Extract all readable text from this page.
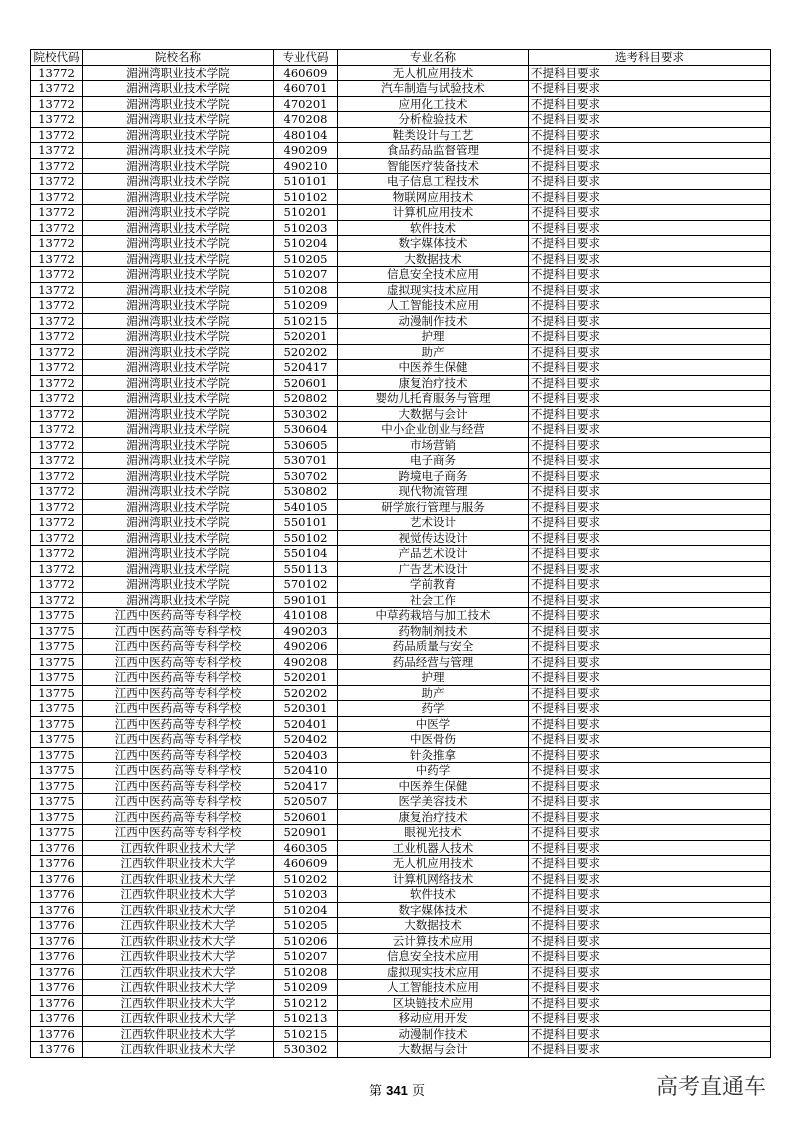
院校代码	院校名称	专业代码	专业名称	选考科目要求
13772	湄洲湾职业技术学院	460609	无人机应用技术	不提科目要求
13772	湄洲湾职业技术学院	460701	汽车制造与试验技术	不提科目要求
13772	湄洲湾职业技术学院	470201	应用化工技术	不提科目要求
13772	湄洲湾职业技术学院	470208	分析检验技术	不提科目要求
13772	湄洲湾职业技术学院	480104	鞋类设计与工艺	不提科目要求
13772	湄洲湾职业技术学院	490209	食品药品监督管理	不提科目要求
13772	湄洲湾职业技术学院	490210	智能医疗装备技术	不提科目要求
13772	湄洲湾职业技术学院	510101	电子信息工程技术	不提科目要求
13772	湄洲湾职业技术学院	510102	物联网应用技术	不提科目要求
13772	湄洲湾职业技术学院	510201	计算机应用技术	不提科目要求
13772	湄洲湾职业技术学院	510203	软件技术	不提科目要求
13772	湄洲湾职业技术学院	510204	数字媒体技术	不提科目要求
13772	湄洲湾职业技术学院	510205	大数据技术	不提科目要求
13772	湄洲湾职业技术学院	510207	信息安全技术应用	不提科目要求
13772	湄洲湾职业技术学院	510208	虚拟现实技术应用	不提科目要求
13772	湄洲湾职业技术学院	510209	人工智能技术应用	不提科目要求
13772	湄洲湾职业技术学院	510215	动漫制作技术	不提科目要求
13772	湄洲湾职业技术学院	520201	护理	不提科目要求
13772	湄洲湾职业技术学院	520202	助产	不提科目要求
13772	湄洲湾职业技术学院	520417	中医养生保健	不提科目要求
13772	湄洲湾职业技术学院	520601	康复治疗技术	不提科目要求
13772	湄洲湾职业技术学院	520802	婴幼儿托育服务与管理	不提科目要求
13772	湄洲湾职业技术学院	530302	大数据与会计	不提科目要求
13772	湄洲湾职业技术学院	530604	中小企业创业与经营	不提科目要求
13772	湄洲湾职业技术学院	530605	市场营销	不提科目要求
13772	湄洲湾职业技术学院	530701	电子商务	不提科目要求
13772	湄洲湾职业技术学院	530702	跨境电子商务	不提科目要求
13772	湄洲湾职业技术学院	530802	现代物流管理	不提科目要求
13772	湄洲湾职业技术学院	540105	研学旅行管理与服务	不提科目要求
13772	湄洲湾职业技术学院	550101	艺术设计	不提科目要求
13772	湄洲湾职业技术学院	550102	视觉传达设计	不提科目要求
13772	湄洲湾职业技术学院	550104	产品艺术设计	不提科目要求
13772	湄洲湾职业技术学院	550113	广告艺术设计	不提科目要求
13772	湄洲湾职业技术学院	570102	学前教育	不提科目要求
13772	湄洲湾职业技术学院	590101	社会工作	不提科目要求
13775	江西中医药高等专科学校	410108	中草药栽培与加工技术	不提科目要求
13775	江西中医药高等专科学校	490203	药物制剂技术	不提科目要求
13775	江西中医药高等专科学校	490206	药品质量与安全	不提科目要求
13775	江西中医药高等专科学校	490208	药品经营与管理	不提科目要求
13775	江西中医药高等专科学校	520201	护理	不提科目要求
13775	江西中医药高等专科学校	520202	助产	不提科目要求
13775	江西中医药高等专科学校	520301	药学	不提科目要求
13775	江西中医药高等专科学校	520401	中医学	不提科目要求
13775	江西中医药高等专科学校	520402	中医骨伤	不提科目要求
13775	江西中医药高等专科学校	520403	针灸推拿	不提科目要求
13775	江西中医药高等专科学校	520410	中药学	不提科目要求
13775	江西中医药高等专科学校	520417	中医养生保健	不提科目要求
13775	江西中医药高等专科学校	520507	医学美容技术	不提科目要求
13775	江西中医药高等专科学校	520601	康复治疗技术	不提科目要求
13775	江西中医药高等专科学校	520901	眼视光技术	不提科目要求
13776	江西软件职业技术大学	460305	工业机器人技术	不提科目要求
13776	江西软件职业技术大学	460609	无人机应用技术	不提科目要求
13776	江西软件职业技术大学	510202	计算机网络技术	不提科目要求
13776	江西软件职业技术大学	510203	软件技术	不提科目要求
13776	江西软件职业技术大学	510204	数字媒体技术	不提科目要求
13776	江西软件职业技术大学	510205	大数据技术	不提科目要求
13776	江西软件职业技术大学	510206	云计算技术应用	不提科目要求
13776	江西软件职业技术大学	510207	信息安全技术应用	不提科目要求
13776	江西软件职业技术大学	510208	虚拟现实技术应用	不提科目要求
13776	江西软件职业技术大学	510209	人工智能技术应用	不提科目要求
13776	江西软件职业技术大学	510212	区块链技术应用	不提科目要求
13776	江西软件职业技术大学	510213	移动应用开发	不提科目要求
13776	江西软件职业技术大学	510215	动漫制作技术	不提科目要求
13776	江西软件职业技术大学	530302	大数据与会计	不提科目要求
第 341 页	高考直通车
